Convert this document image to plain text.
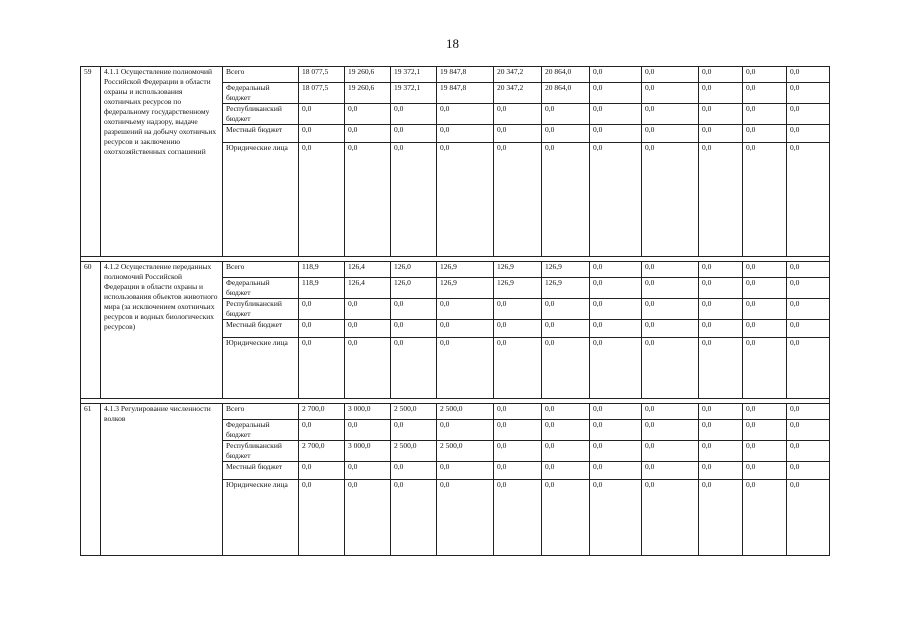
18
59	4.1.1 Осуществление полномочий Российской Федерации в области охраны и использования охотничьих ресурсов по федеральному государственному охотничьему надзору, выдаче разрешений на добычу охотничьих ресурсов и заключению охотхозяйственных соглашений	Всего	18 077,5	19 260,6	19 372,1	19 847,8	20 347,2	20 864,0	0,0	0,0	0,0	0,0	0,0
		Федеральный бюджет	18 077,5	19 260,6	19 372,1	19 847,8	20 347,2	20 864,0	0,0	0,0	0,0	0,0	0,0
		Республиканский бюджет	0,0	0,0	0,0	0,0	0,0	0,0	0,0	0,0	0,0	0,0	0,0
		Местный бюджет	0,0	0,0	0,0	0,0	0,0	0,0	0,0	0,0	0,0	0,0	0,0
		Юридические лица	0,0	0,0	0,0	0,0	0,0	0,0	0,0	0,0	0,0	0,0	0,0

60	4.1.2 Осуществление переданных полномочий Российской Федерации в области охраны и использования объектов животного мира (за исключением охотничьих ресурсов и водных биологических ресурсов)	Всего	118,9	126,4	126,0	126,9	126,9	126,9	0,0	0,0	0,0	0,0	0,0
		Федеральный бюджет	118,9	126,4	126,0	126,9	126,9	126,9	0,0	0,0	0,0	0,0	0,0
		Республиканский бюджет	0,0	0,0	0,0	0,0	0,0	0,0	0,0	0,0	0,0	0,0	0,0
		Местный бюджет	0,0	0,0	0,0	0,0	0,0	0,0	0,0	0,0	0,0	0,0	0,0
		Юридические лица	0,0	0,0	0,0	0,0	0,0	0,0	0,0	0,0	0,0	0,0	0,0

61	4.1.3 Регулирование численности волков	Всего	2 700,0	3 000,0	2 500,0	2 500,0	0,0	0,0	0,0	0,0	0,0	0,0	0,0
		Федеральный бюджет	0,0	0,0	0,0	0,0	0,0	0,0	0,0	0,0	0,0	0,0	0,0
		Республиканский бюджет	2 700,0	3 000,0	2 500,0	2 500,0	0,0	0,0	0,0	0,0	0,0	0,0	0,0
		Местный бюджет	0,0	0,0	0,0	0,0	0,0	0,0	0,0	0,0	0,0	0,0	0,0
		Юридические лица	0,0	0,0	0,0	0,0	0,0	0,0	0,0	0,0	0,0	0,0	0,0
